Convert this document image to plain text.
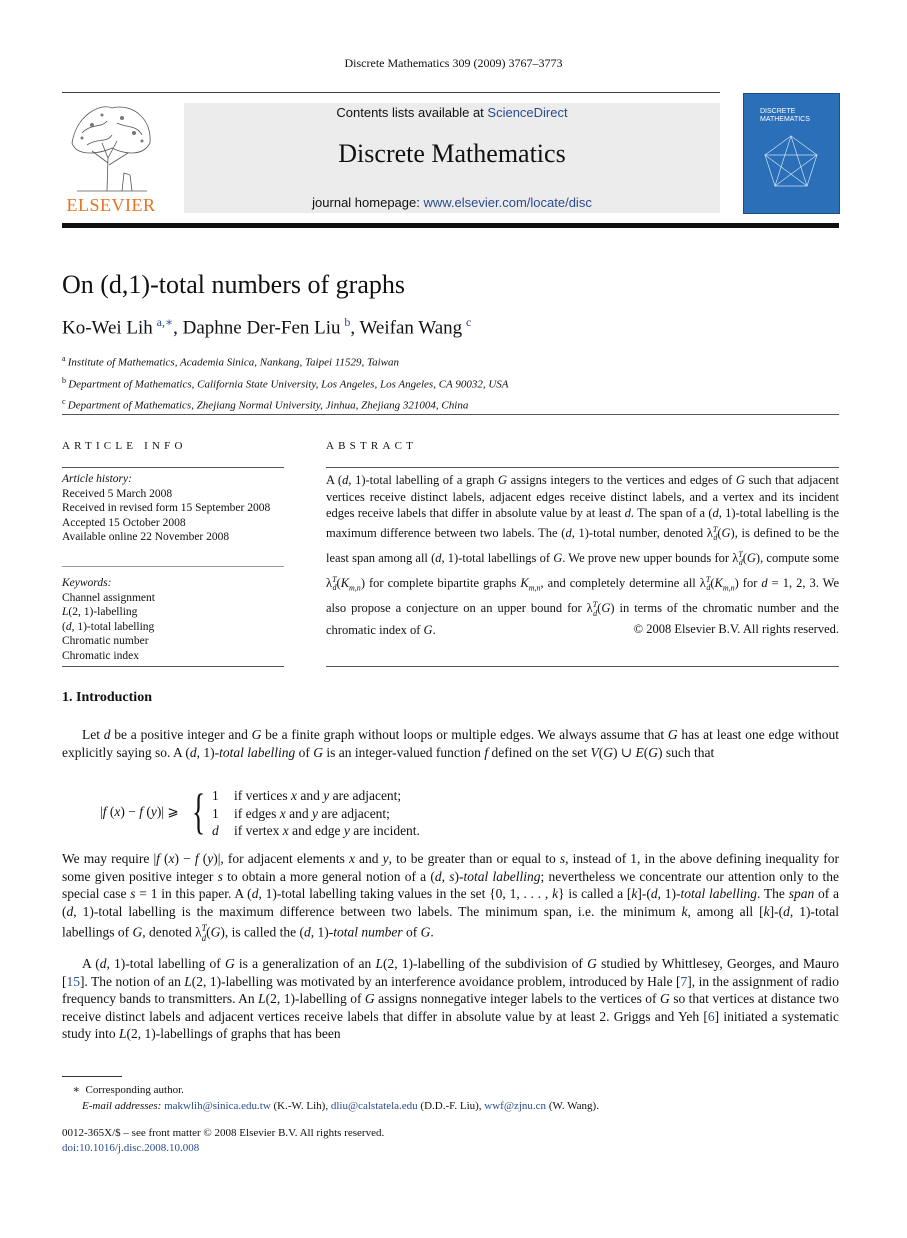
Discrete Mathematics 309 (2009) 3767–3773
ELSEVIER
Contents lists available at ScienceDirect
Discrete Mathematics
journal homepage: www.elsevier.com/locate/disc
DISCRETE MATHEMATICS
On (d,1)-total numbers of graphs
Ko-Wei Lih  $^{a,∗}$, Daphne Der-Fen Liu  $^b$, Weifan Wang  $^c$
$^a$  Institute of Mathematics, Academia Sinica, Nankang, Taipei 11529, Taiwan
$^b$  Department of Mathematics, California State University, Los Angeles, Los Angeles, CA 90032, USA
$^c$  Department of Mathematics, Zhejiang Normal University, Jinhua, Zhejiang 321004, China
ARTICLE INFO
Article history:
Received 5 March 2008
Received in revised form 15 September 2008
Accepted 15 October 2008
Available online 22 November 2008
Keywords:
Channel assignment
L(2, 1)-labelling
(d, 1)-total labelling
Chromatic number
Chromatic index
ABSTRACT
A (d, 1)-total labelling of a graph G assigns integers to the vertices and edges of G such that adjacent vertices receive distinct labels, adjacent edges receive distinct labels, and a vertex and its incident edges receive labels that differ in absolute value by at least d. The span of a (d, 1)-total labelling is the maximum difference between two labels. The (d, 1)-total number, denoted $\lambda^T_d(G)$, is defined to be the least span among all (d, 1)-total labellings of G. We prove new upper bounds for $\lambda^T_d(G)$, compute some $\lambda^T_d(K_{m,n})$ for complete bipartite graphs $K_{m,n}$, and completely determine all $\lambda^T_d(K_{m,n})$ for d = 1, 2, 3. We also propose a conjecture on an upper bound for $\lambda^T_d(G)$ in terms of the chromatic number and the chromatic index of G.	© 2008 Elsevier B.V. All rights reserved.
1. Introduction
Let d be a positive integer and G be a finite graph without loops or multiple edges. We always assume that G has at least one edge without explicitly saying so. A (d, 1)-total labelling of G is an integer-valued function f defined on the set V(G) ∪ E(G) such that
|f (x) − f (y)| ⩾ { 1 if vertices x and y are adjacent;
1 if edges x and y are adjacent;
d if vertex x and edge y are incident.
We may require |f (x) − f (y)|, for adjacent elements x and y, to be greater than or equal to s, instead of 1, in the above defining inequality for some given positive integer s to obtain a more general notion of a (d, s)-total labelling; nevertheless we concentrate our attention only to the special case s = 1 in this paper. A (d, 1)-total labelling taking values in the set {0, 1, . . . , k} is called a [k]-(d, 1)-total labelling. The span of a (d, 1)-total labelling is the maximum difference between two labels. The minimum span, i.e. the minimum k, among all [k]-(d, 1)-total labellings of G, denoted $\lambda^T_d(G)$, is called the (d, 1)-total number of G.
A (d, 1)-total labelling of G is a generalization of an L(2, 1)-labelling of the subdivision of G studied by Whittlesey, Georges, and Mauro [15]. The notion of an L(2, 1)-labelling was motivated by an interference avoidance problem, introduced by Hale [7], in the assignment of radio frequency bands to transmitters. An L(2, 1)-labelling of G assigns nonnegative integer labels to the vertices of G so that vertices at distance two receive distinct labels and adjacent vertices receive labels that differ in absolute value by at least 2. Griggs and Yeh [6] initiated a systematic study into L(2, 1)-labellings of graphs that has been
∗ Corresponding author.
E-mail addresses: makwlih@sinica.edu.tw (K.-W. Lih), dliu@calstatela.edu (D.D.-F. Liu), wwf@zjnu.cn (W. Wang).
0012-365X/$ – see front matter © 2008 Elsevier B.V. All rights reserved.
doi:10.1016/j.disc.2008.10.008
